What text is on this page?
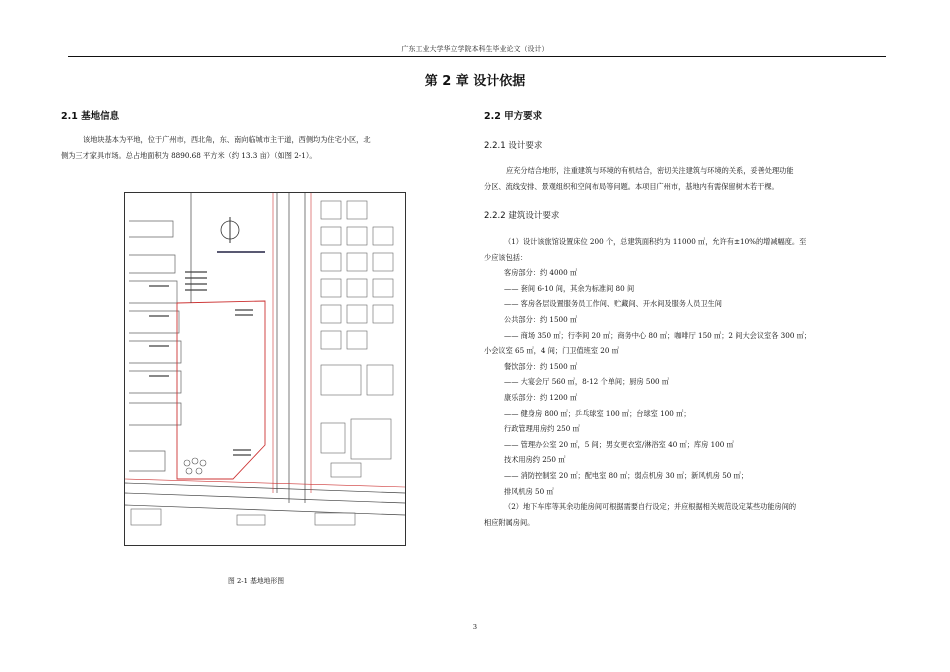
广东工业大学华立学院本科生毕业论文（设计）
第 2 章 设计依据
2.1 基地信息
该地块基本为平地，位于广州市，西北角，东、南向临城市主干道，西侧均为住宅小区，北
侧为三才家具市场。总占地面积为 8890.68 平方米（约 13.3 亩）（如图 2-1）。
图 2-1 基地地形图
2.2 甲方要求
2.2.1 设计要求
应充分结合地形，注重建筑与环境的有机结合，密切关注建筑与环境的关系，妥善处理功能
分区、流线安排、景观组织和空间布局等问题。本项目广州市，基地内有需保留树木若干棵。
2.2.2 建筑设计要求
（1）设计该旅馆设置床位 200 个，总建筑面积约为 11000 ㎡，允许有±10%的增减幅度。至
少应该包括：
客房部分：约 4000 ㎡
—— 套间 6-10 间，其余为标准间 80 间
—— 客房各层设置服务员工作间、贮藏间、开水间及服务人员卫生间
公共部分：约 1500 ㎡
—— 商场 350 ㎡；行李间 20 ㎡；商务中心 80 ㎡；咖啡厅 150 ㎡；2 间大会议室各 300 ㎡；
小会议室 65 ㎡，4 间；门卫值班室 20 ㎡
餐饮部分：约 1500 ㎡
—— 大宴会厅 560 ㎡，8-12 个单间；厨房 500 ㎡
康乐部分：约 1200 ㎡
—— 健身房 800 ㎡；乒乓球室 100 ㎡；台球室 100 ㎡；
行政管理用房约 250 ㎡
—— 管理办公室 20 ㎡，5 间；男女更衣室/淋浴室 40 ㎡；库房 100 ㎡
技术用房约 250 ㎡
—— 消防控制室 20 ㎡；配电室 80 ㎡；弱点机房 30 ㎡；新风机房 50 ㎡；
排风机房 50 ㎡
（2）地下车库等其余功能房间可根据需要自行设定；并应根据相关规范设定某些功能房间的
相应附属房间。
3
